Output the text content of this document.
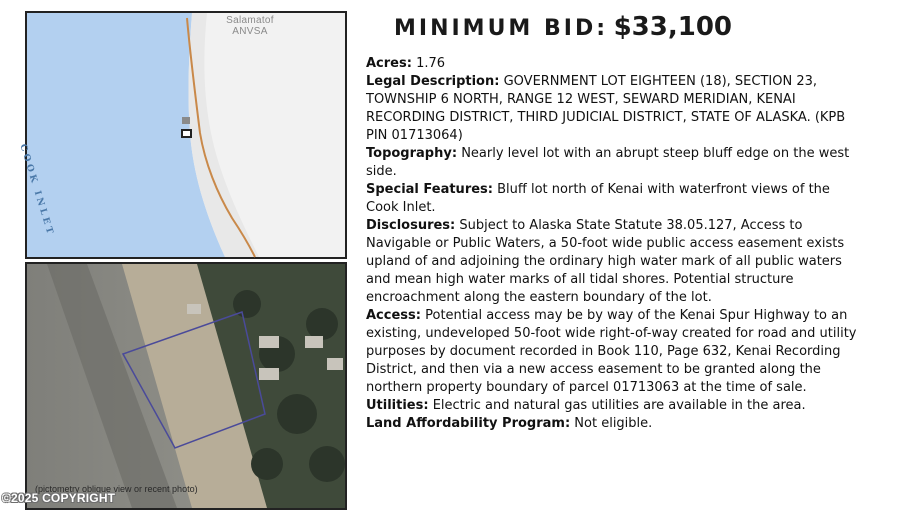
Salamatof
ANVSA
COOK INLET
(pictometry oblique view or recent photo)
©2025 COPYRIGHT
MINIMUM BID: $33,100

Acres: 1.76

Legal Description: GOVERNMENT LOT EIGHTEEN (18), SECTION 23, TOWNSHIP 6 NORTH, RANGE 12 WEST, SEWARD MERIDIAN, KENAI RECORDING DISTRICT, THIRD JUDICIAL DISTRICT, STATE OF ALASKA. (KPB PIN 01713064)

Topography: Nearly level lot with an abrupt steep bluff edge on the west side.

Special Features: Bluff lot north of Kenai with waterfront views of the Cook Inlet.

Disclosures: Subject to Alaska State Statute 38.05.127, Access to Navigable or Public Waters, a 50-foot wide public access easement exists upland of and adjoining the ordinary high water mark of all public waters and mean high water marks of all tidal shores. Potential structure encroachment along the eastern boundary of the lot.

Access: Potential access may be by way of the Kenai Spur Highway to an existing, undeveloped 50-foot wide right-of-way created for road and utility purposes by document recorded in Book 110, Page 632, Kenai Recording District, and then via a new access easement to be granted along the northern property boundary of parcel 01713063 at the time of sale.

Utilities: Electric and natural gas utilities are available in the area.

Land Affordability Program: Not eligible.
